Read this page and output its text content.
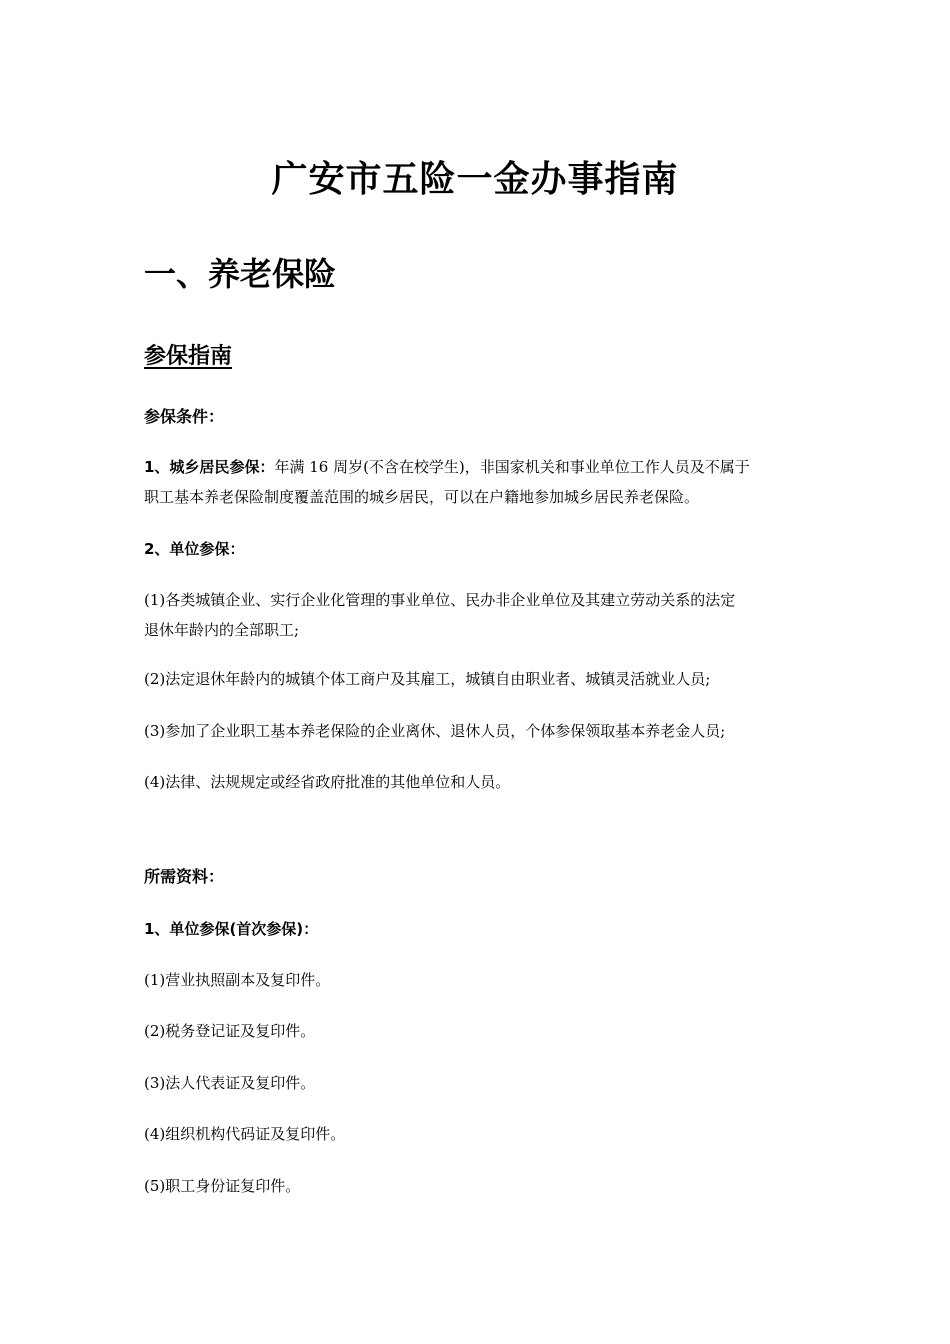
广安市五险一金办事指南
一、养老保险
参保指南

参保条件：

1、城乡居民参保：年满 16 周岁(不含在校学生)，非国家机关和事业单位工作人员及不属于
职工基本养老保险制度覆盖范围的城乡居民，可以在户籍地参加城乡居民养老保险。

2、单位参保：

(1)各类城镇企业、实行企业化管理的事业单位、民办非企业单位及其建立劳动关系的法定
退休年龄内的全部职工;

(2)法定退休年龄内的城镇个体工商户及其雇工，城镇自由职业者、城镇灵活就业人员;

(3)参加了企业职工基本养老保险的企业离休、退休人员，个体参保领取基本养老金人员;

(4)法律、法规规定或经省政府批准的其他单位和人员。

所需资料：

1、单位参保(首次参保)：

(1)营业执照副本及复印件。

(2)税务登记证及复印件。

(3)法人代表证及复印件。

(4)组织机构代码证及复印件。

(5)职工身份证复印件。
